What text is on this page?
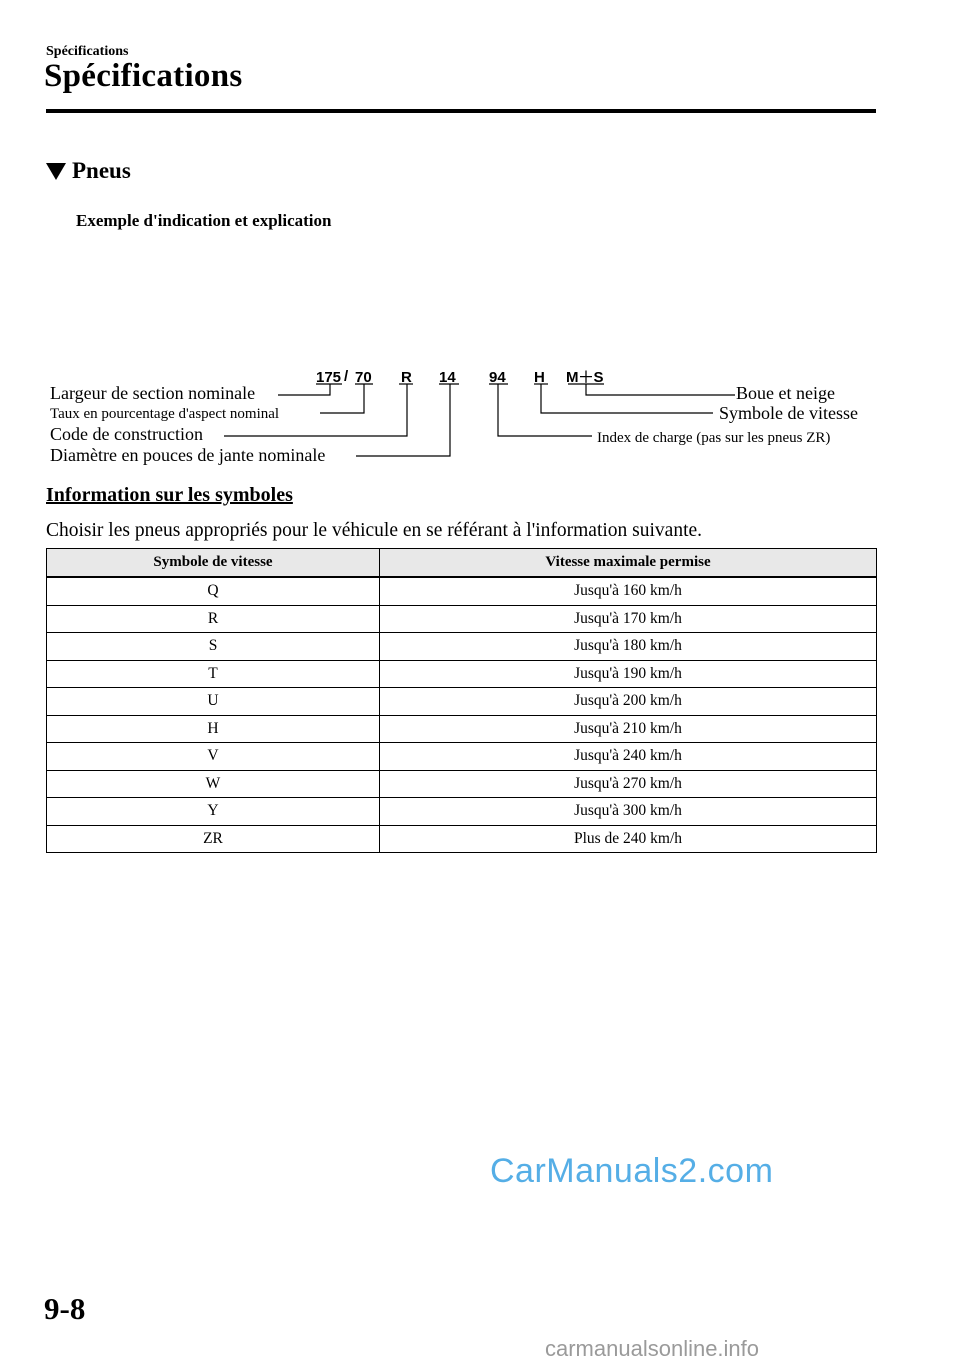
Spécifications
Spécifications
Pneus
Exemple d'indication et explication
175 / 70 R 14 94 H M＋S
Largeur de section nominale
Taux en pourcentage d'aspect nominal
Code de construction
Diamètre en pouces de jante nominale
Boue et neige
Symbole de vitesse
Index de charge (pas sur les pneus ZR)
Information sur les symboles
Choisir les pneus appropriés pour le véhicule en se référant à l'information suivante.
Symbole de vitesse	Vitesse maximale permise
Q	Jusqu'à 160 km/h
R	Jusqu'à 170 km/h
S	Jusqu'à 180 km/h
T	Jusqu'à 190 km/h
U	Jusqu'à 200 km/h
H	Jusqu'à 210 km/h
V	Jusqu'à 240 km/h
W	Jusqu'à 270 km/h
Y	Jusqu'à 300 km/h
ZR	Plus de 240 km/h
CarManuals2.com
9-8
carmanualsonline.info
